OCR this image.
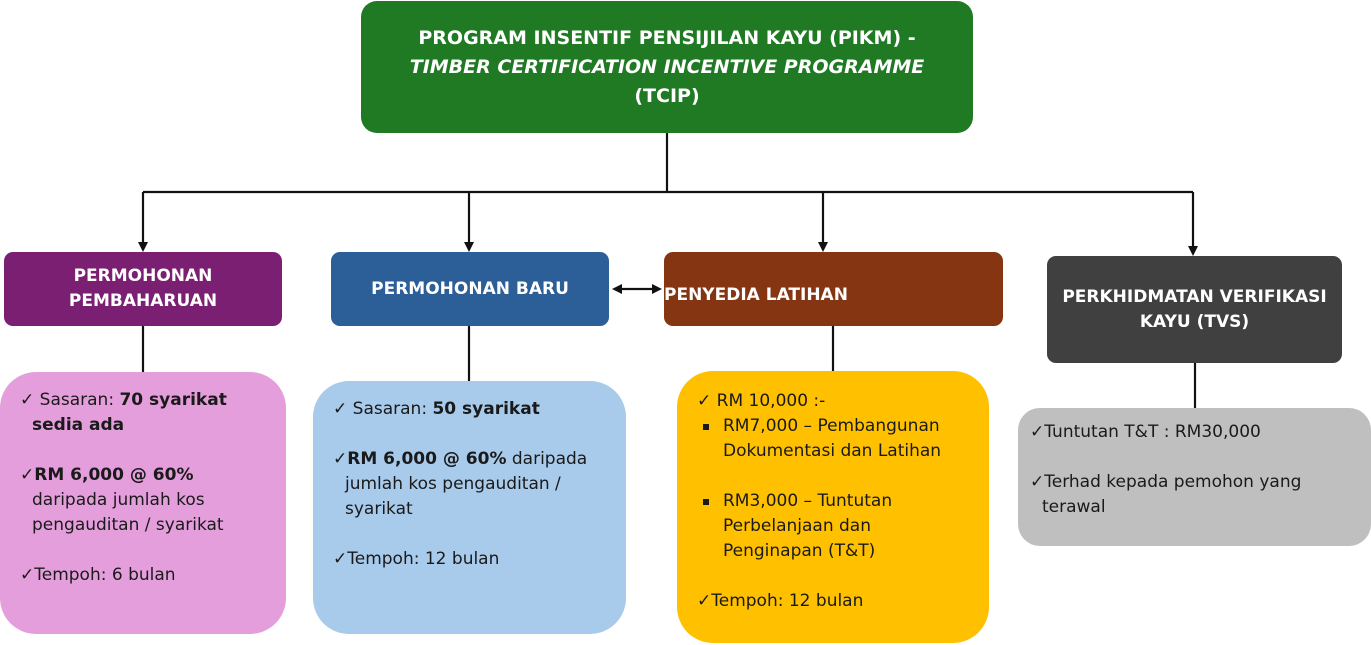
PROGRAM INSENTIF PENSIJILAN KAYU (PIKM) -
TIMBER CERTIFICATION INCENTIVE PROGRAMME
(TCIP)
PERMOHONAN
PEMBAHARUAN
PERMOHONAN BARU	PENYEDIA LATIHAN	PERKHIDMATAN VERIFIKASI
KAYU (TVS)
✓ Sasaran: 70 syarikat
sedia ada
✓RM 6,000 @ 60%
daripada jumlah kos
pengauditan / syarikat
✓Tempoh: 6 bulan
✓ Sasaran: 50 syarikat
✓RM 6,000 @ 60% daripada
jumlah kos pengauditan /
syarikat
✓Tempoh: 12 bulan
✓ RM 10,000 :-
RM7,000 – Pembangunan
Dokumentasi dan Latihan
RM3,000 – Tuntutan
Perbelanjaan dan
Penginapan (T&T)
✓Tempoh: 12 bulan
✓Tuntutan T&T : RM30,000
✓Terhad kepada pemohon yang
terawal
